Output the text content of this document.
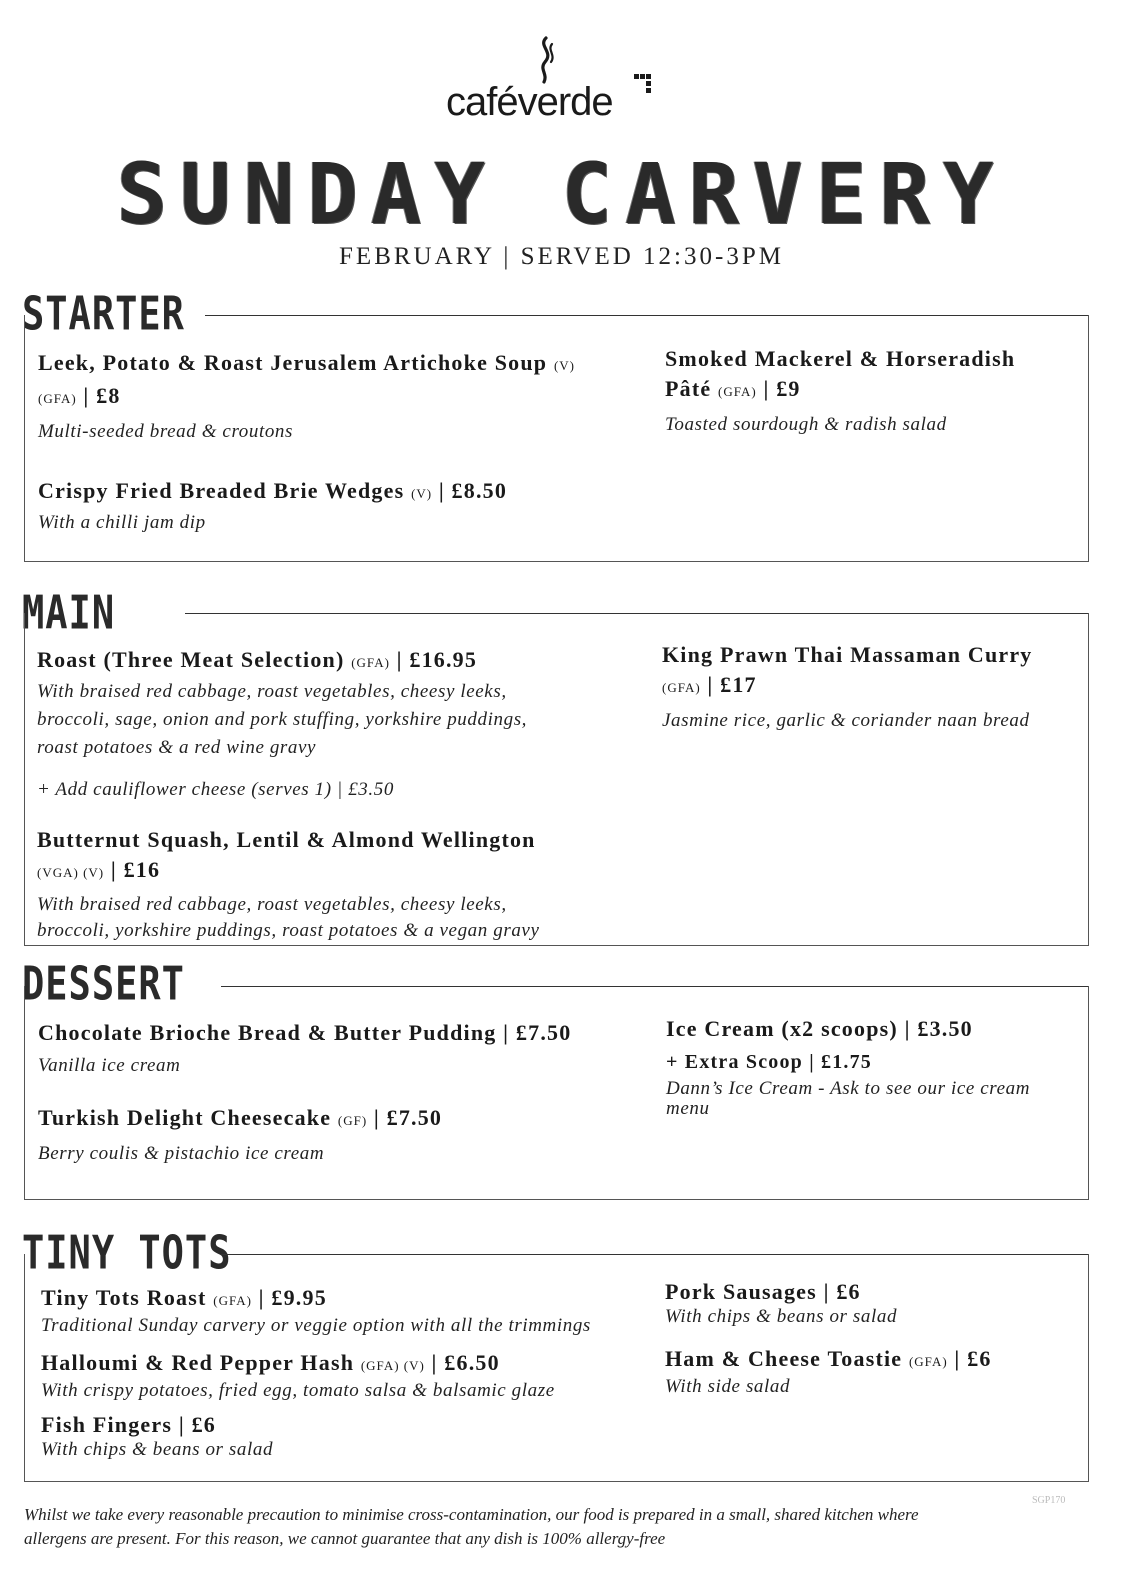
caféverde
SUNDAY CARVERY
FEBRUARY | SERVED 12:30-3PM
STARTER
Leek, Potato & Roast Jerusalem Artichoke Soup (V)
(GFA) | £8
Multi-seeded bread & croutons
Crispy Fried Breaded Brie Wedges (V) | £8.50
With a chilli jam dip
Smoked Mackerel & Horseradish
Pâté (GFA) | £9
Toasted sourdough & radish salad
MAIN
Roast (Three Meat Selection) (GFA) | £16.95
With braised red cabbage, roast vegetables, cheesy leeks,
broccoli, sage, onion and pork stuffing, yorkshire puddings,
roast potatoes & a red wine gravy
+ Add cauliflower cheese (serves 1) | £3.50
Butternut Squash, Lentil & Almond Wellington
(VGA) (V) | £16
With braised red cabbage, roast vegetables, cheesy leeks,
broccoli, yorkshire puddings, roast potatoes & a vegan gravy
King Prawn Thai Massaman Curry
(GFA) | £17
Jasmine rice, garlic & coriander naan bread
DESSERT
Chocolate Brioche Bread & Butter Pudding | £7.50
Vanilla ice cream
Turkish Delight Cheesecake (GF) | £7.50
Berry coulis & pistachio ice cream
Ice Cream (x2 scoops) | £3.50
+ Extra Scoop | £1.75
Dann’s Ice Cream - Ask to see our ice cream
menu
TINY TOTS
Tiny Tots Roast (GFA) | £9.95
Traditional Sunday carvery or veggie option with all the trimmings
Halloumi & Red Pepper Hash (GFA) (V) | £6.50
With crispy potatoes, fried egg, tomato salsa & balsamic glaze
Fish Fingers | £6
With chips & beans or salad
Pork Sausages | £6
With chips & beans or salad
Ham & Cheese Toastie (GFA) | £6
With side salad
SGP170
Whilst we take every reasonable precaution to minimise cross-contamination, our food is prepared in a small, shared kitchen where
allergens are present. For this reason, we cannot guarantee that any dish is 100% allergy-free
